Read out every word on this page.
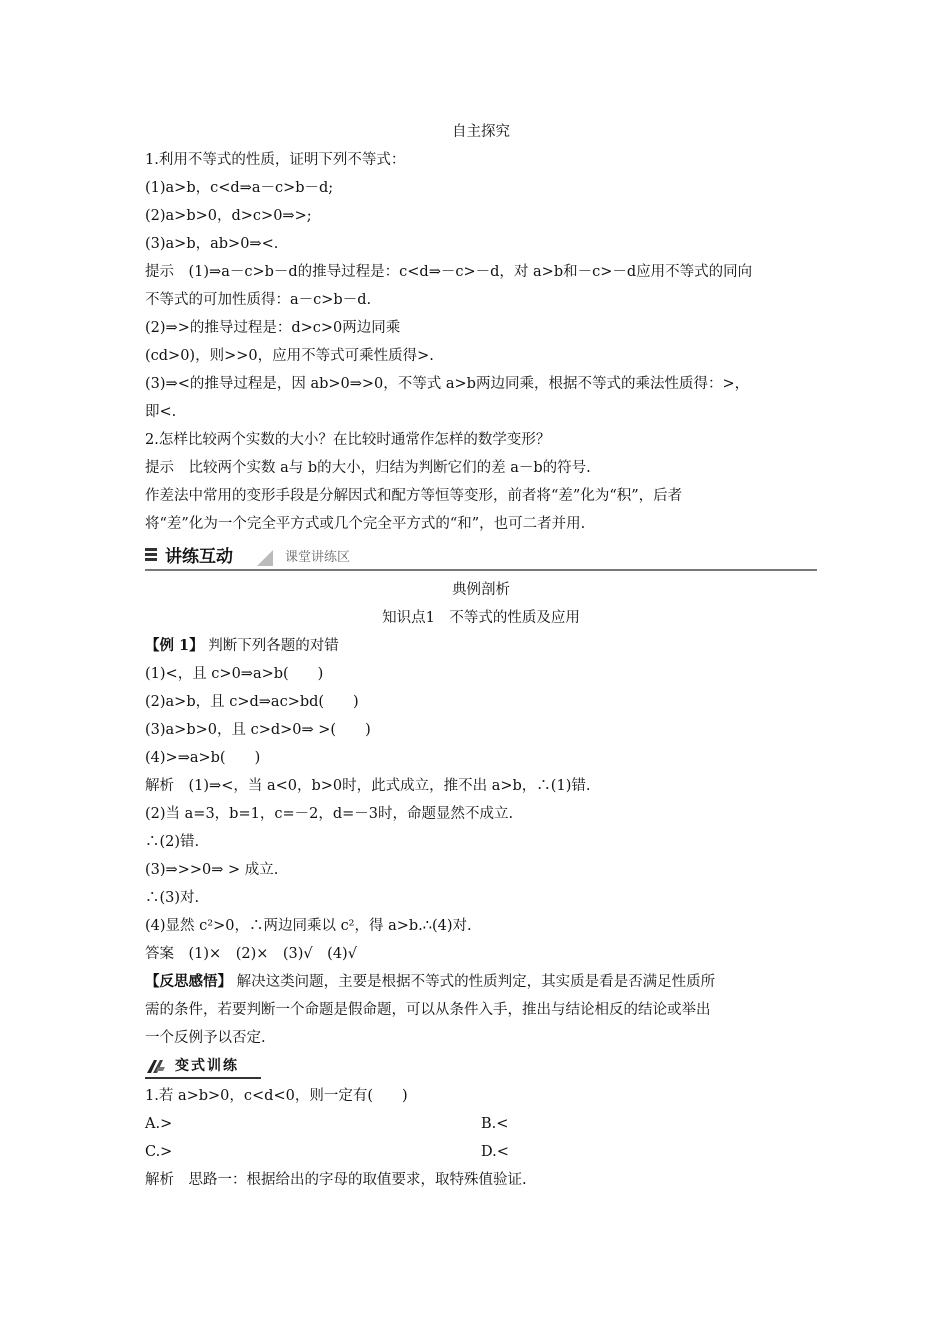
自主探究
1.利用不等式的性质，证明下列不等式：
(1)a>b，c<d⇒a－c>b－d;
(2)a>b>0，d>c>0⇒>;
(3)a>b，ab>0⇒<.
提示　(1)⇒a－c>b－d的推导过程是：c<d⇒－c>－d，对 a>b和－c>－d应用不等式的同向
不等式的可加性质得：a－c>b－d.
(2)⇒>的推导过程是：d>c>0两边同乘
(cd>0)，则>>0，应用不等式可乘性质得>.
(3)⇒<的推导过程是，因 ab>0⇒>0，不等式 a>b两边同乘，根据不等式的乘法性质得：>，
即<.
2.怎样比较两个实数的大小？在比较时通常作怎样的数学变形？
提示　比较两个实数 a与 b的大小，归结为判断它们的差 a－b的符号.
作差法中常用的变形手段是分解因式和配方等恒等变形，前者将“差”化为“积”，后者
将“差”化为一个完全平方式或几个完全平方式的“和”，也可二者并用.
讲练互动	课堂讲练区
典例剖析
知识点1　不等式的性质及应用
【例 1】 判断下列各题的对错
(1)<，且 c>0⇒a>b(　　)
(2)a>b，且 c>d⇒ac>bd(　　)
(3)a>b>0，且 c>d>0⇒ >(　　)
(4)>⇒a>b(　　)
解析　(1)⇒<，当 a<0，b>0时，此式成立，推不出 a>b，∴(1)错.
(2)当 a=3，b=1，c=－2，d=－3时，命题显然不成立.
∴(2)错.
(3)⇒>>0⇒ > 成立.
∴(3)对.
(4)显然 c²>0，∴两边同乘以 c²，得 a>b.∴(4)对.
答案　(1)×　(2)×　(3)√　(4)√
【反思感悟】 解决这类问题，主要是根据不等式的性质判定，其实质是看是否满足性质所
需的条件，若要判断一个命题是假命题，可以从条件入手，推出与结论相反的结论或举出
一个反例予以否定.
变式训练
1.若 a>b>0，c<d<0，则一定有(　　)
A.>	B.<
C.>	D.<
解析　思路一：根据给出的字母的取值要求，取特殊值验证.
